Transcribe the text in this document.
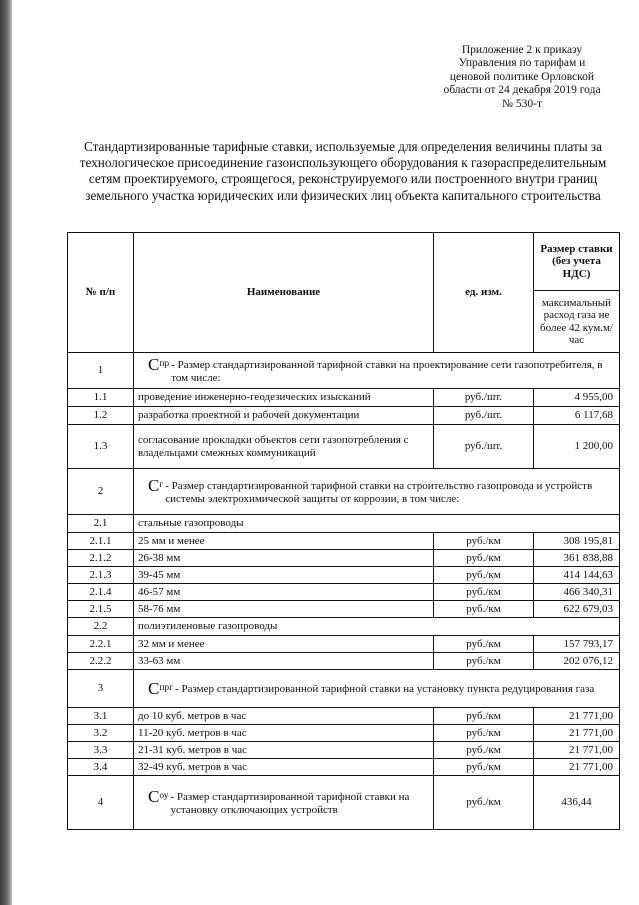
Приложение 2 к приказу
Управления по тарифам и
ценовой политике Орловской
области от 24 декабря 2019 года
№ 530-т
Стандартизированные тарифные ставки, используемые для определения величины платы за технологическое присоединение газоиспользующего оборудования к газораспределительным сетям проектируемого, строящегося, реконструируемого или построенного внутри границ земельного участка юридических или физических лиц объекта капитального строительства
№ п/п	Наименование	ед. изм.	Размер ставки (без учета НДС)
			максимальный расход газа не более 42 кум.м/час
1	$С^{пр}$ - Размер стандартизированной тарифной ставки на проектирование сети газопотребителя, в том числе:		

1.1	проведение инженерно-геодезических изысканий	руб./шт.	4 955,00
1.2	разработка проектной и рабочей документации	руб./шт.	6 117,68
1.3	согласование прокладки объектов сети газопотребления с владельцами смежных коммуникаций	руб./шт.	1 200,00
2	$С^г$ - Размер стандартизированной тарифной ставки на строительство газопровода и устройств системы электрохимической защиты от коррозии, в том числе:		

2.1	стальные газопроводы		
2.1.1	25 мм и менее	руб./км	308 195,81
2.1.2	26-38 мм	руб./км	361 838,88
2.1.3	39-45 мм	руб./км	414 144,63
2.1.4	46-57 мм	руб./км	466 340,31
2.1.5	58-76 мм	руб./км	622 679,03
2.2	полиэтиленовые газопроводы		
2.2.1	32 мм и менее	руб./км	157 793,17
2.2.2	33-63 мм	руб./км	202 076,12
3	$С^{прг}$ - Размер стандартизированной тарифной ставки на установку пункта редуцирования газа		

3.1	до 10 куб. метров в час	руб./км	21 771,00
3.2	11-20 куб. метров в час	руб./км	21 771,00
3.3	21-31 куб. метров в час	руб./км	21 771,00
3.4	32-49 куб. метров в час	руб./км	21 771,00
4	$С^{оу}$ - Размер стандартизированной тарифной ставки на установку отключающих устройств	руб./км	436,44
